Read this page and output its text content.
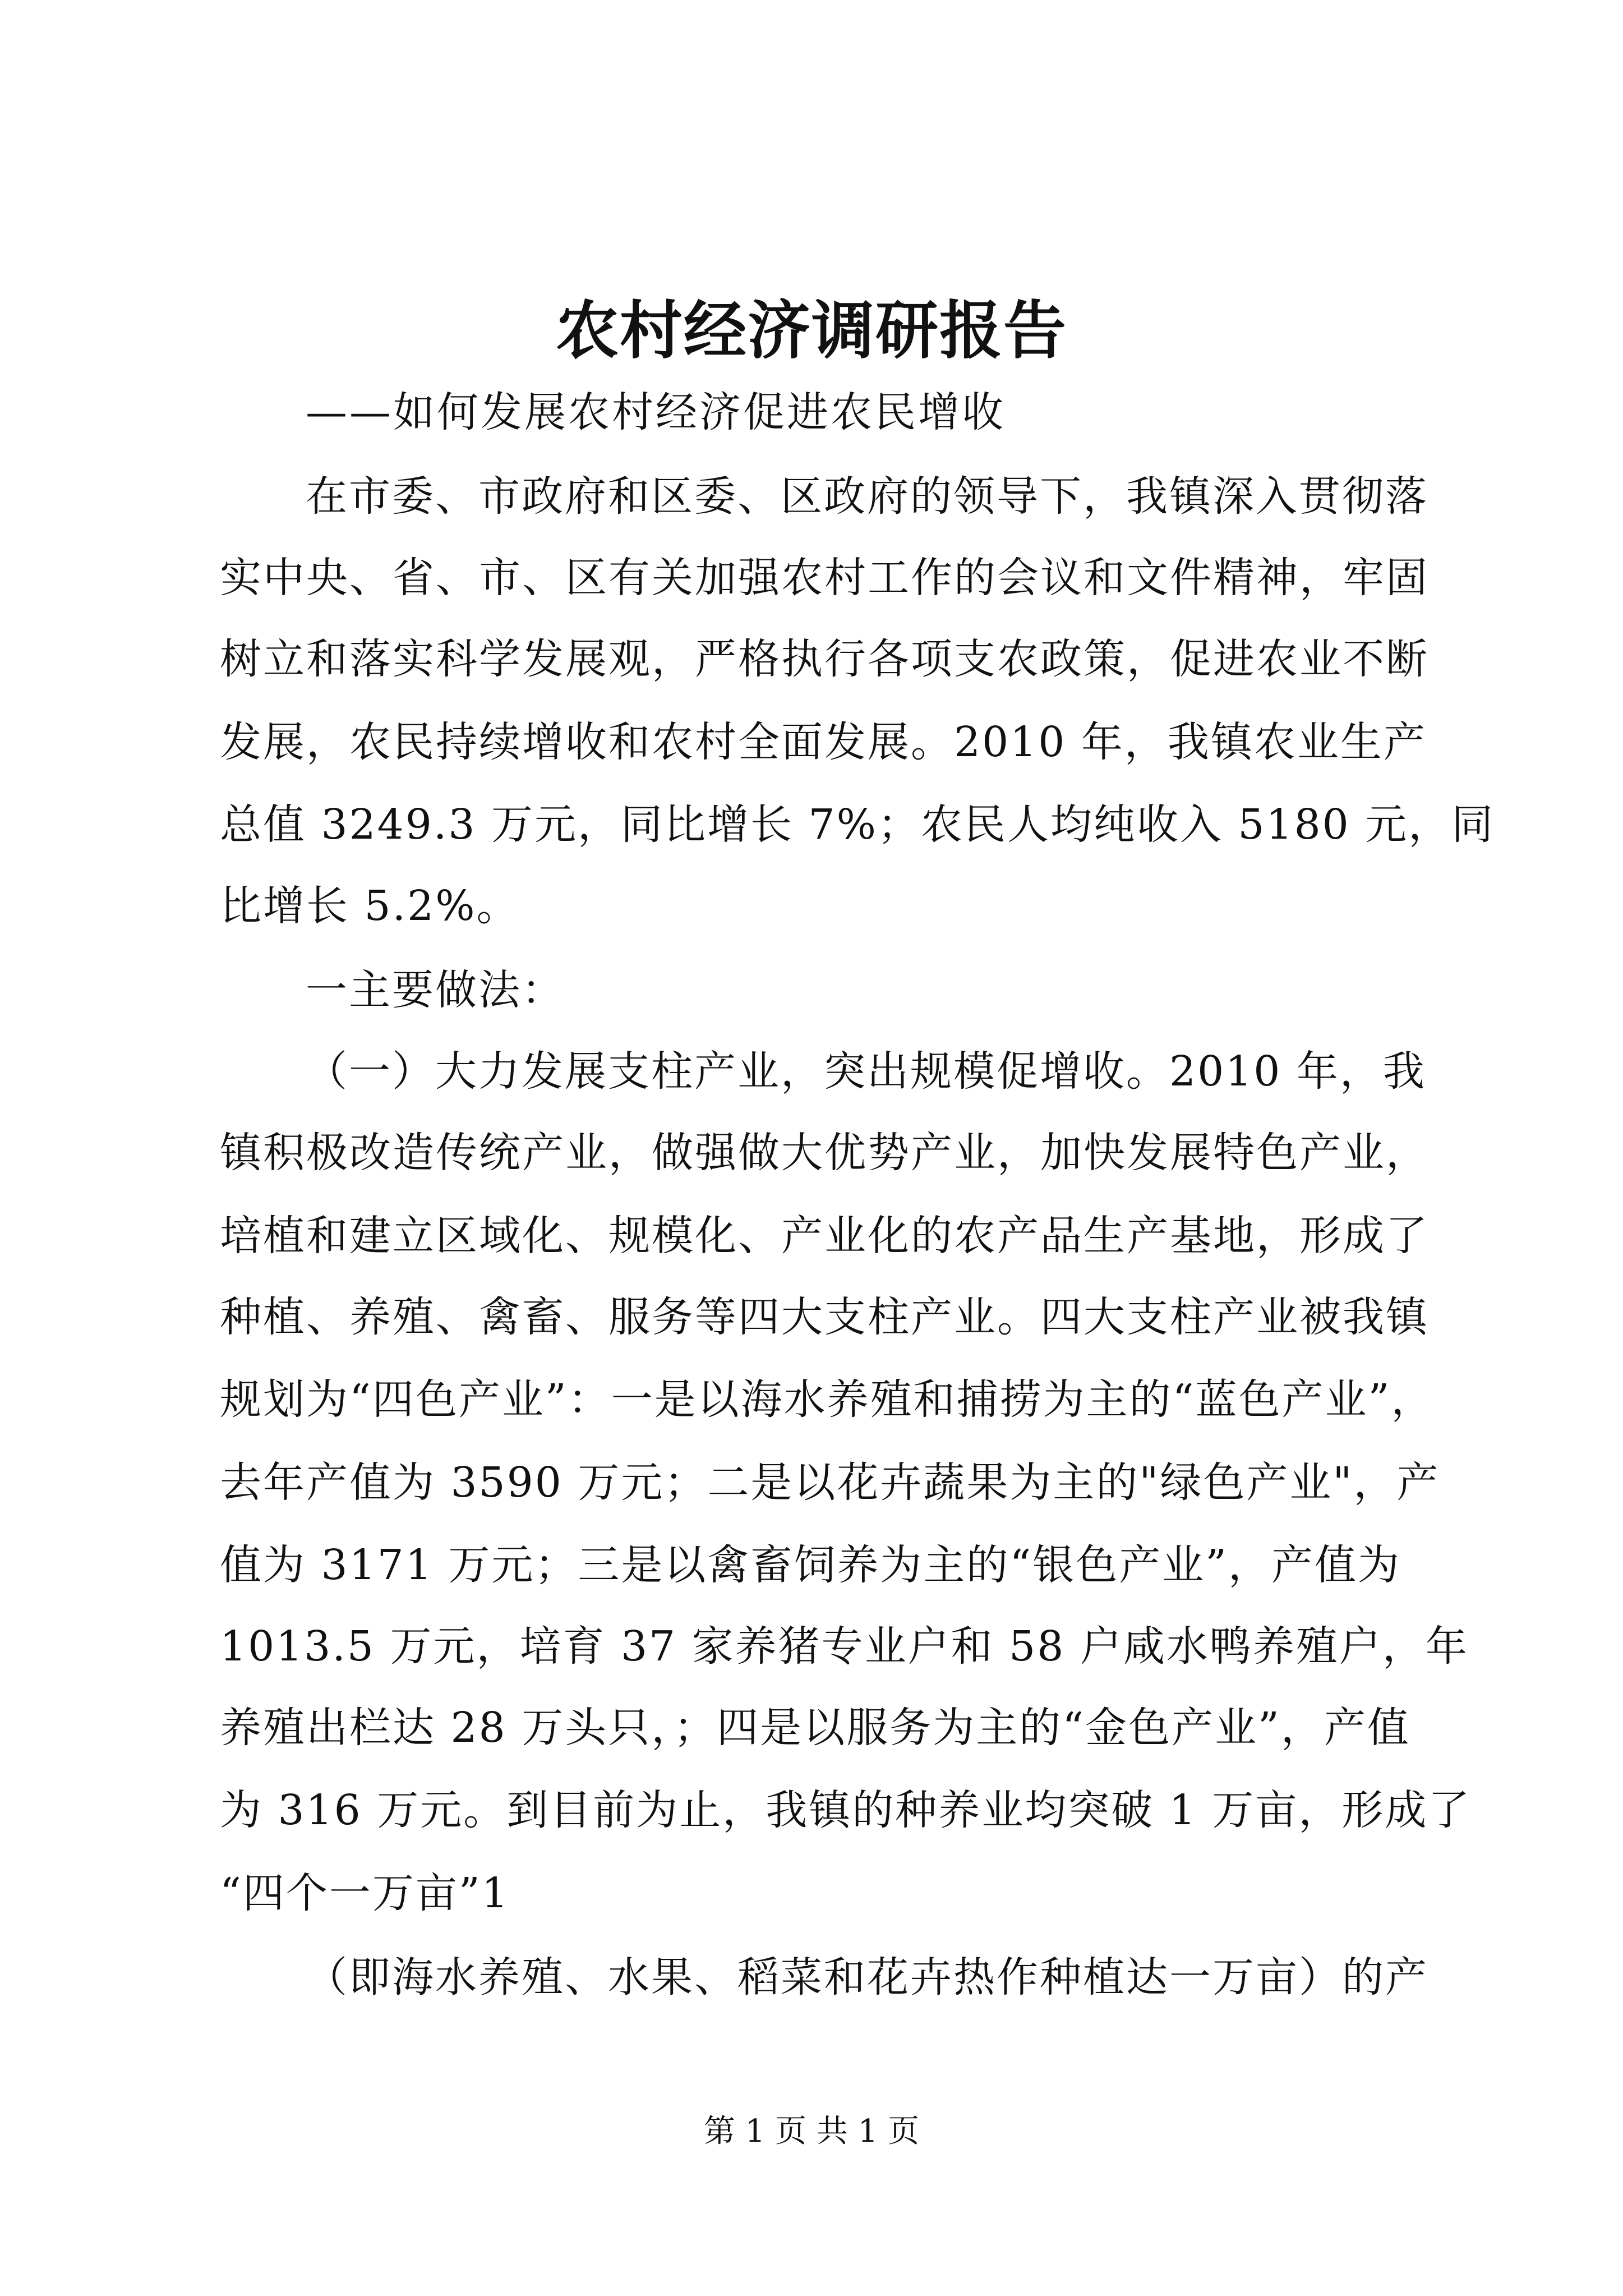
农村经济调研报告
——如何发展农村经济促进农民增收
在市委、市政府和区委、区政府的领导下，我镇深入贯彻落
实中央、省、市、区有关加强农村工作的会议和文件精神，牢固
树立和落实科学发展观，严格执行各项支农政策，促进农业不断
发展，农民持续增收和农村全面发展。2010 年，我镇农业生产
总值 3249.3 万元，同比增长 7%；农民人均纯收入 5180 元，同
比增长 5.2%。
一主要做法：
（一）大力发展支柱产业，突出规模促增收。2010 年，我
镇积极改造传统产业，做强做大优势产业，加快发展特色产业，
培植和建立区域化、规模化、产业化的农产品生产基地，形成了
种植、养殖、禽畜、服务等四大支柱产业。四大支柱产业被我镇
规划为“四色产业”：一是以海水养殖和捕捞为主的“蓝色产业”，
去年产值为 3590 万元；二是以花卉蔬果为主的"绿色产业"，产
值为 3171 万元；三是以禽畜饲养为主的“银色产业”，产值为
1013.5 万元，培育 37 家养猪专业户和 58 户咸水鸭养殖户，年
养殖出栏达 28 万头只，；四是以服务为主的“金色产业”，产值
为 316 万元。到目前为止，我镇的种养业均突破 1 万亩，形成了
“四个一万亩”1
（即海水养殖、水果、稻菜和花卉热作种植达一万亩）的产
第 1 页 共 1 页
